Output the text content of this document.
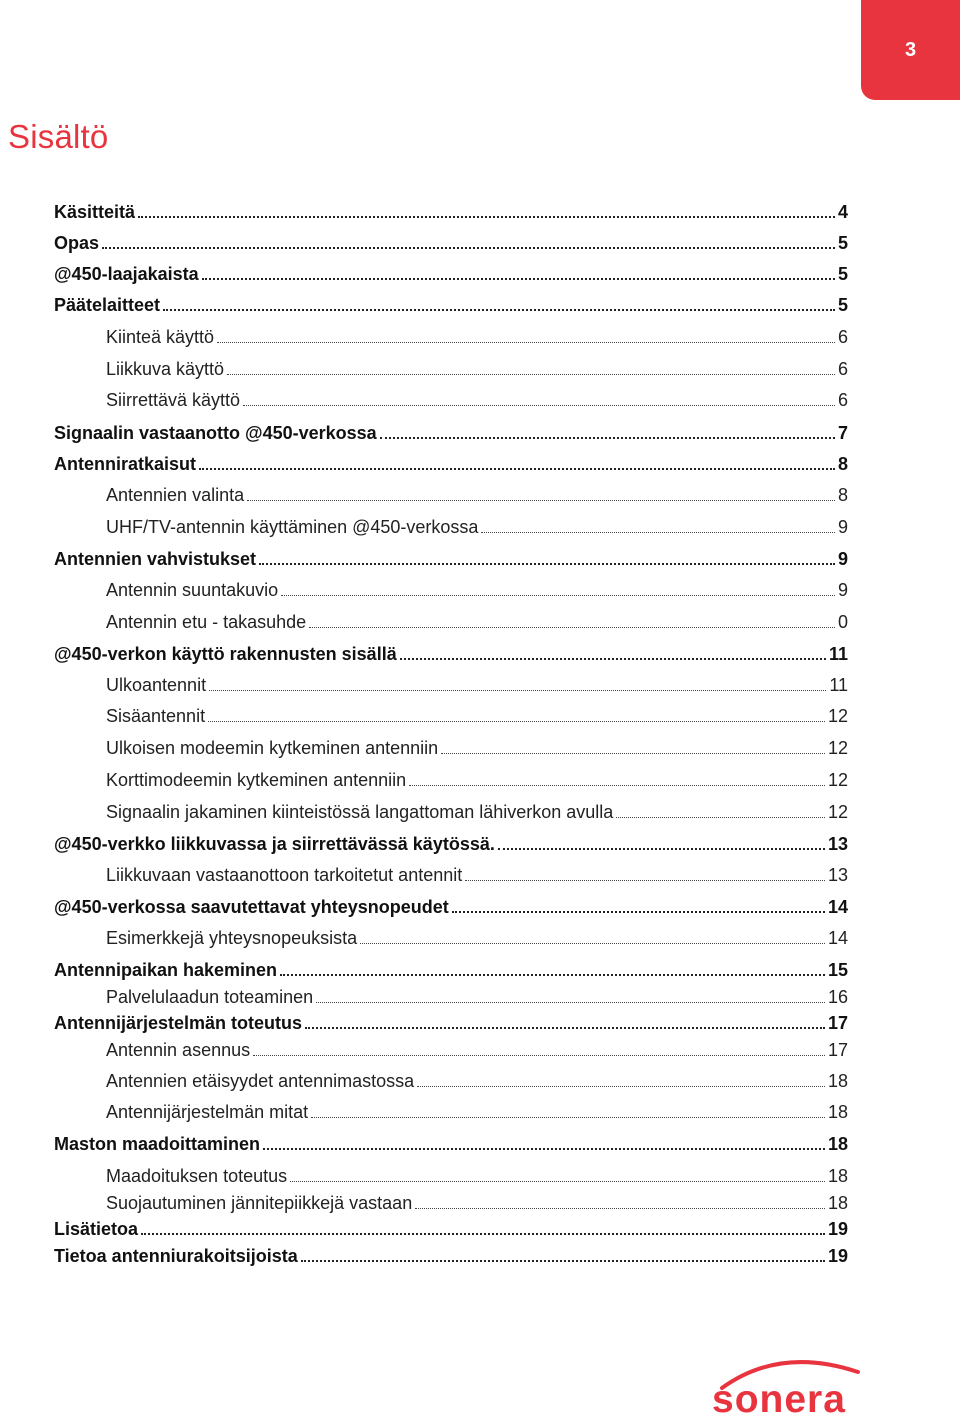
3
Sisältö
Käsitteitä	4
Opas	5
@450-laajakaista	5
Päätelaitteet	5
Kiinteä käyttö	6
Liikkuva käyttö	6
Siirrettävä käyttö	6
Signaalin vastaanotto @450-verkossa	7
Antenniratkaisut	8
Antennien valinta	8
UHF/TV-antennin käyttäminen @450-verkossa	9
Antennien vahvistukset	9
Antennin suuntakuvio	9
Antennin etu - takasuhde	0
@450-verkon käyttö rakennusten sisällä	11
Ulkoantennit	11
Sisäantennit	12
Ulkoisen modeemin kytkeminen antenniin	12
Korttimodeemin kytkeminen antenniin	12
Signaalin jakaminen kiinteistössä langattoman lähiverkon avulla	12
@450-verkko liikkuvassa ja siirrettävässä käytössä.	13
Liikkuvaan vastaanottoon tarkoitetut antennit	13
@450-verkossa saavutettavat yhteysnopeudet	14
Esimerkkejä yhteysnopeuksista	14
Antennipaikan hakeminen	15
Palvelulaadun toteaminen	16
Antennijärjestelmän toteutus	17
Antennin asennus	17
Antennien etäisyydet antennimastossa	18
Antennijärjestelmän mitat	18
Maston maadoittaminen	18
Maadoituksen toteutus	18
Suojautuminen jännitepiikkejä vastaan	18
Lisätietoa	19
Tietoa antenniurakoitsijoista	19
sonera
